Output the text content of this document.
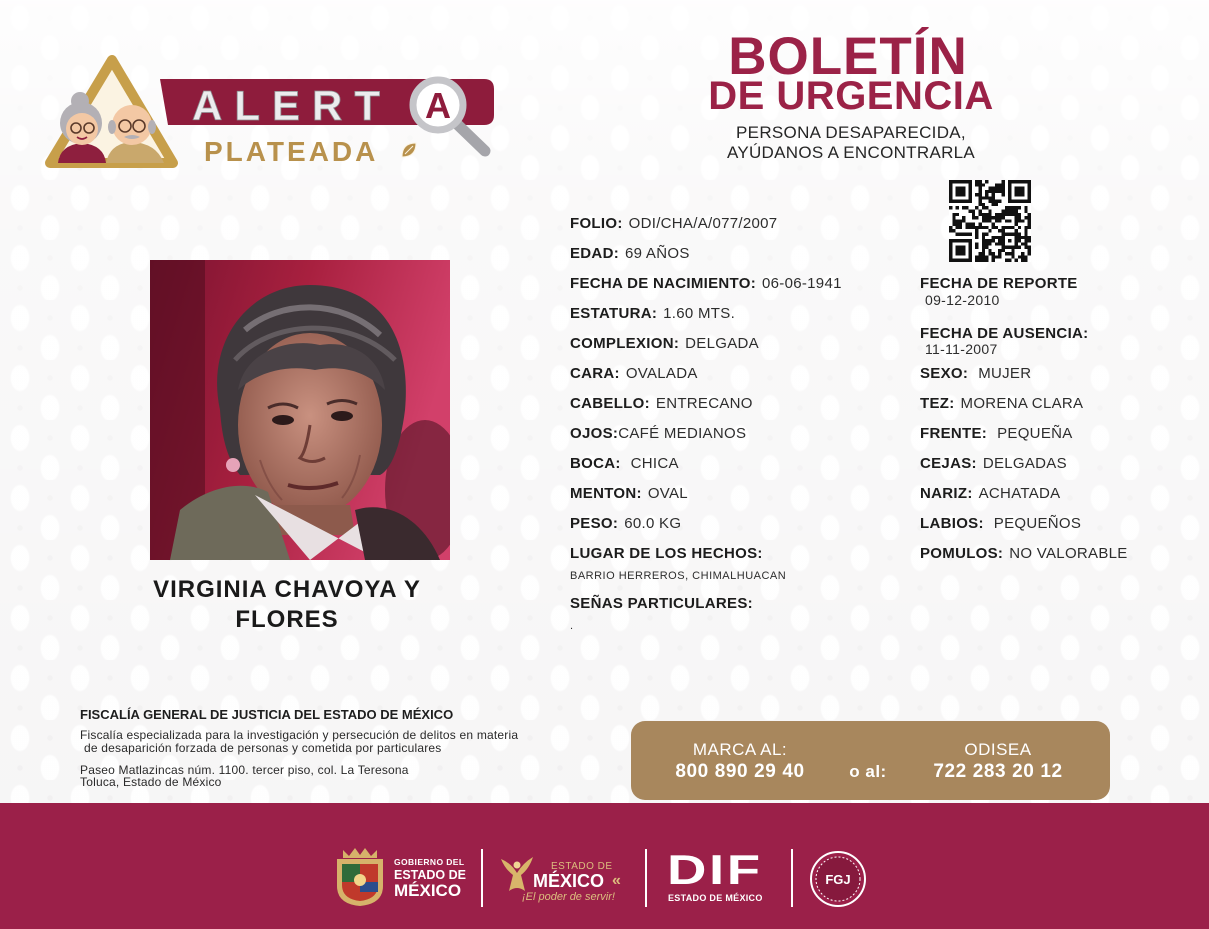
ALERT A
PLATEADA
BOLETÍN
DE URGENCIA
PERSONA DESAPARECIDA,
AYÚDANOS A ENCONTRARLA
VIRGINIA CHAVOYA Y
FLORES
FOLIO: ODI/CHA/A/077/2007
EDAD: 69 AÑOS
FECHA DE NACIMIENTO: 06-06-1941
ESTATURA: 1.60 MTS.
COMPLEXION: DELGADA
CARA: OVALADA
CABELLO: ENTRECANO
OJOS:CAFÉ MEDIANOS
BOCA: CHICA
MENTON: OVAL
PESO: 60.0 KG
LUGAR DE LOS HECHOS:
BARRIO HERREROS, CHIMALHUACAN
SEÑAS PARTICULARES:
.
FECHA DE REPORTE
09-12-2010
FECHA DE AUSENCIA:
11-11-2007
SEXO: MUJER
TEZ: MORENA CLARA
FRENTE: PEQUEÑA
CEJAS: DELGADAS
NARIZ: ACHATADA
LABIOS: PEQUEÑOS
POMULOS: NO VALORABLE
FISCALÍA GENERAL DE JUSTICIA DEL ESTADO DE MÉXICO
Fiscalía especializada para la investigación y persecución de delitos en materia
de desaparición forzada de personas y cometida por particulares
Paseo Matlazincas núm. 1100. tercer piso, col. La Teresona
Toluca, Estado de México
MARCA AL:
800 890 29 40	o al:
ODISEA
722 283 20 12
GOBIERNO DEL
ESTADO DE
MÉXICO
ESTADO DE
MÉXICO «
¡El poder de servir!
DIF
ESTADO DE MÉXICO
FGJ
